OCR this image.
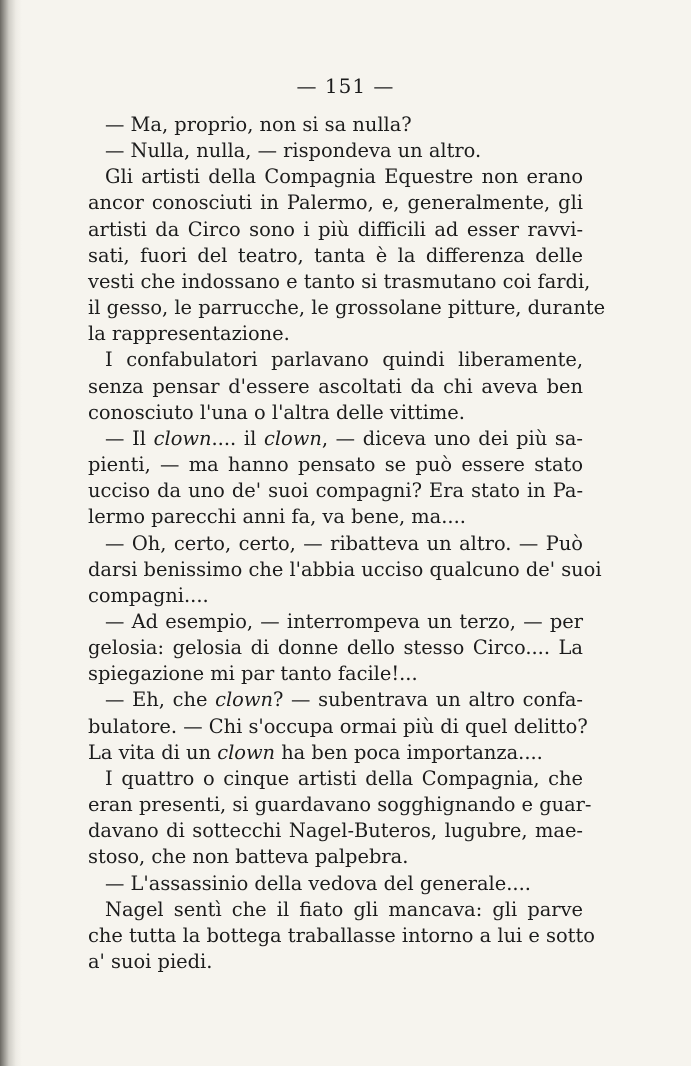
— 151 —
— Ma, proprio, non si sa nulla?
— Nulla, nulla, — rispondeva un altro.
Gli artisti della Compagnia Equestre non erano
ancor conosciuti in Palermo, e, generalmente, gli
artisti da Circo sono i più difficili ad esser ravvi-
sati, fuori del teatro, tanta è la differenza delle
vesti che indossano e tanto si trasmutano coi fardi,
il gesso, le parrucche, le grossolane pitture, durante
la rappresentazione.
I confabulatori parlavano quindi liberamente,
senza pensar d'essere ascoltati da chi aveva ben
conosciuto l'una o l'altra delle vittime.
— Il clown.... il clown, — diceva uno dei più sa-
pienti, — ma hanno pensato se può essere stato
ucciso da uno de' suoi compagni? Era stato in Pa-
lermo parecchi anni fa, va bene, ma....
— Oh, certo, certo, — ribatteva un altro. — Può
darsi benissimo che l'abbia ucciso qualcuno de' suoi
compagni....
— Ad esempio, — interrompeva un terzo, — per
gelosia: gelosia di donne dello stesso Circo.... La
spiegazione mi par tanto facile!...
— Eh, che clown? — subentrava un altro confa-
bulatore. — Chi s'occupa ormai più di quel delitto?
La vita di un clown ha ben poca importanza....
I quattro o cinque artisti della Compagnia, che
eran presenti, si guardavano sogghignando e guar-
davano di sottecchi Nagel-Buteros, lugubre, mae-
stoso, che non batteva palpebra.
— L'assassinio della vedova del generale....
Nagel sentì che il fiato gli mancava: gli parve
che tutta la bottega traballasse intorno a lui e sotto
a' suoi piedi.
